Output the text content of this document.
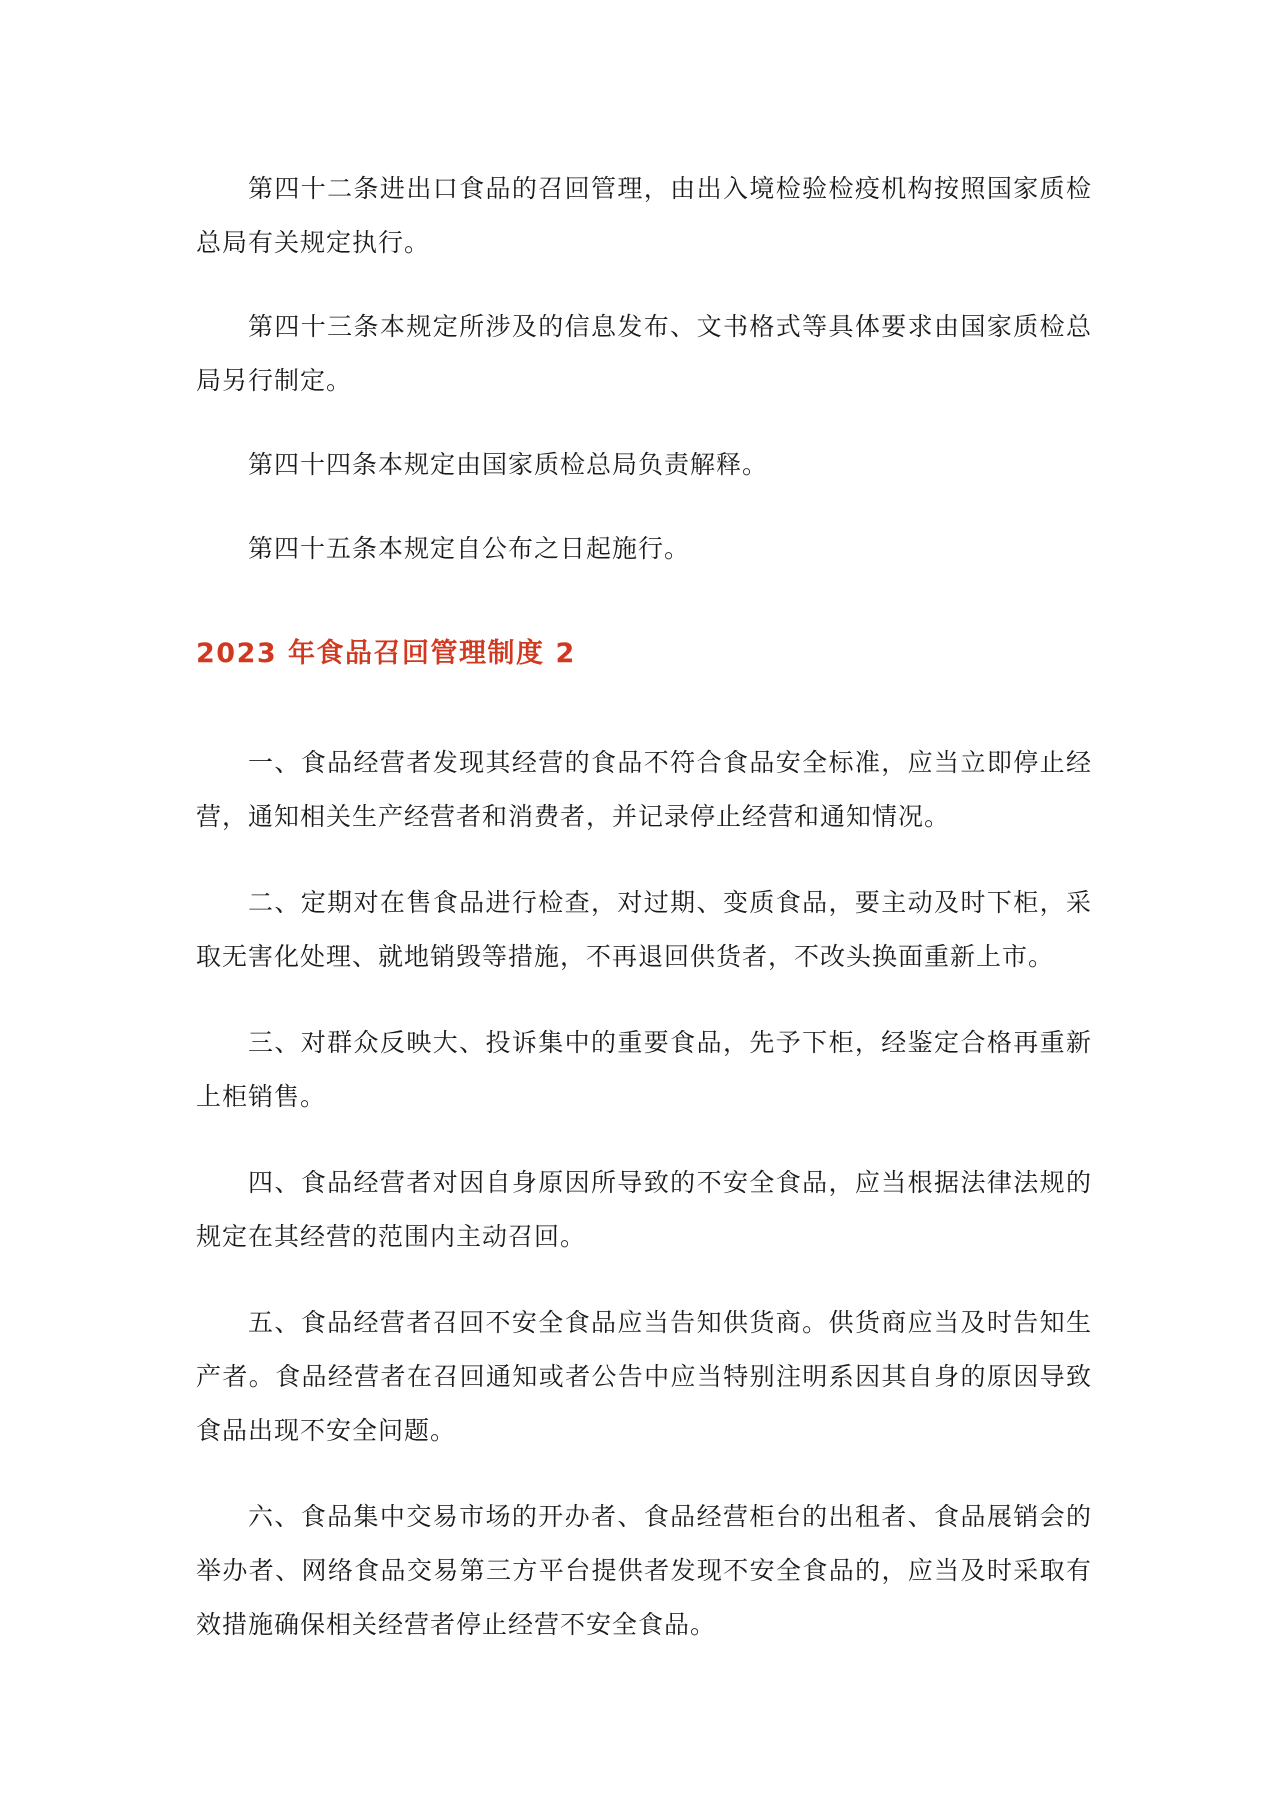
第四十二条进出口食品的召回管理，由出入境检验检疫机构按照国家质检总局有关规定执行。

第四十三条本规定所涉及的信息发布、文书格式等具体要求由国家质检总局另行制定。

第四十四条本规定由国家质检总局负责解释。

第四十五条本规定自公布之日起施行。

2023 年食品召回管理制度 2

一、食品经营者发现其经营的食品不符合食品安全标准，应当立即停止经营，通知相关生产经营者和消费者，并记录停止经营和通知情况。

二、定期对在售食品进行检查，对过期、变质食品，要主动及时下柜，采取无害化处理、就地销毁等措施，不再退回供货者，不改头换面重新上市。

三、对群众反映大、投诉集中的重要食品，先予下柜，经鉴定合格再重新上柜销售。

四、食品经营者对因自身原因所导致的不安全食品，应当根据法律法规的规定在其经营的范围内主动召回。

五、食品经营者召回不安全食品应当告知供货商。供货商应当及时告知生产者。食品经营者在召回通知或者公告中应当特别注明系因其自身的原因导致食品出现不安全问题。

六、食品集中交易市场的开办者、食品经营柜台的出租者、食品展销会的举办者、网络食品交易第三方平台提供者发现不安全食品的，应当及时采取有效措施确保相关经营者停止经营不安全食品。
